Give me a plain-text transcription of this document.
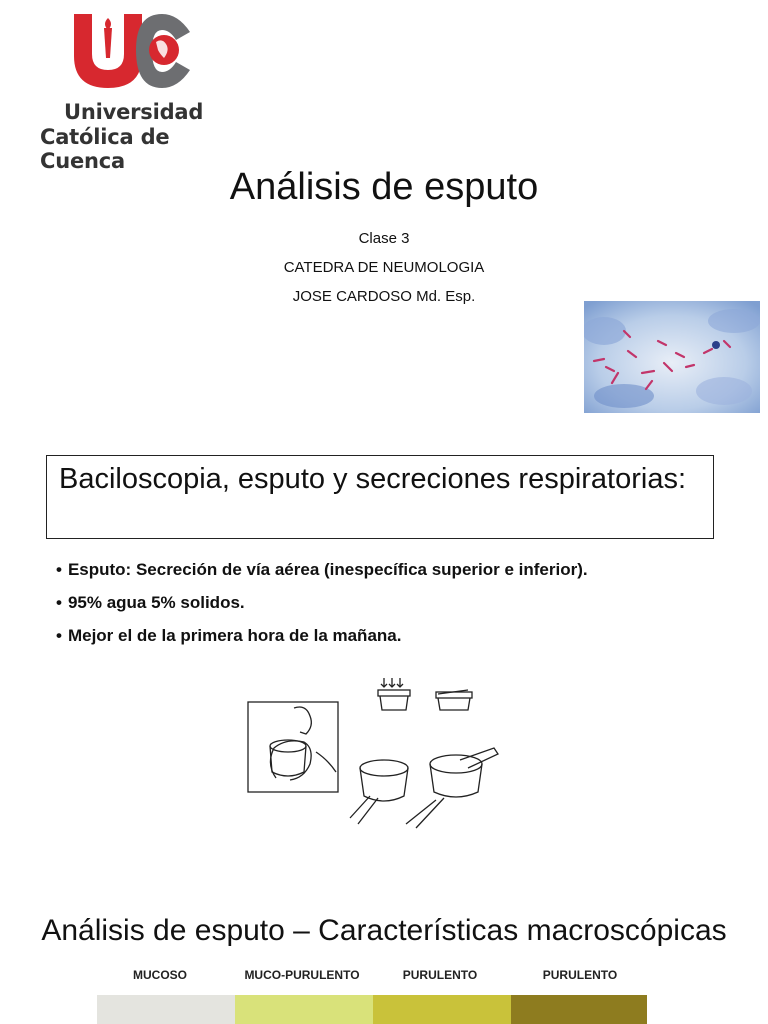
Universidad
Católica de Cuenca
Análisis de esputo
Clase 3
CATEDRA DE NEUMOLOGIA
JOSE CARDOSO Md. Esp.
Baciloscopia, esputo y secreciones respiratorias:
• Esputo: Secreción de vía aérea (inespecífica superior e inferior).
• 95% agua 5% solidos.
• Mejor el de la primera hora de la mañana.
Análisis de esputo – Características macroscópicas
MUCOSO	MUCO-PURULENTO	PURULENTO	PURULENTO
